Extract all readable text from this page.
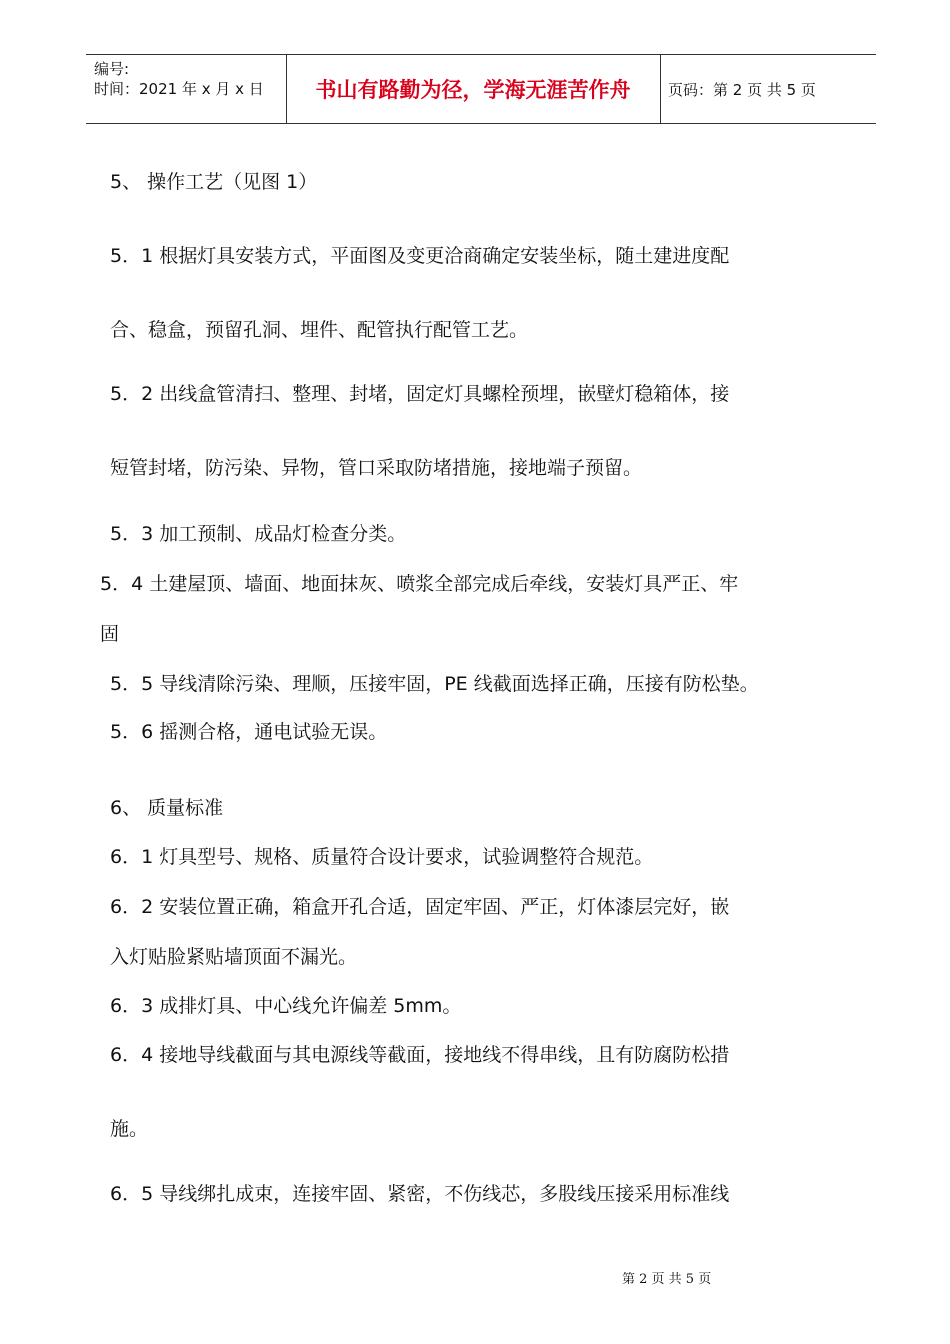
编号:
时间：2021 年 x 月 x 日	书山有路勤为径，学海无涯苦作舟	页码：第 2 页 共 5 页
5、 操作工艺（见图 1）
5．1 根据灯具安装方式，平面图及变更洽商确定安装坐标，随土建进度配
合、稳盒，预留孔洞、埋件、配管执行配管工艺。
5．2 出线盒管清扫、整理、封堵，固定灯具螺栓预埋，嵌壁灯稳箱体，接
短管封堵，防污染、异物，管口采取防堵措施，接地端子预留。
5．3 加工预制、成品灯检查分类。
5．4 土建屋顶、墙面、地面抹灰、喷浆全部完成后牵线，安装灯具严正、牢
固
5．5 导线清除污染、理顺，压接牢固，PE 线截面选择正确，压接有防松垫。
5．6 摇测合格，通电试验无误。
6、 质量标准
6．1 灯具型号、规格、质量符合设计要求，试验调整符合规范。
6．2 安装位置正确，箱盒开孔合适，固定牢固、严正，灯体漆层完好，嵌
入灯贴脸紧贴墙顶面不漏光。
6．3 成排灯具、中心线允许偏差 5mm。
6．4 接地导线截面与其电源线等截面，接地线不得串线，且有防腐防松措
施。
6．5 导线绑扎成束，连接牢固、紧密，不伤线芯，多股线压接采用标准线
第 2 页 共 5 页
